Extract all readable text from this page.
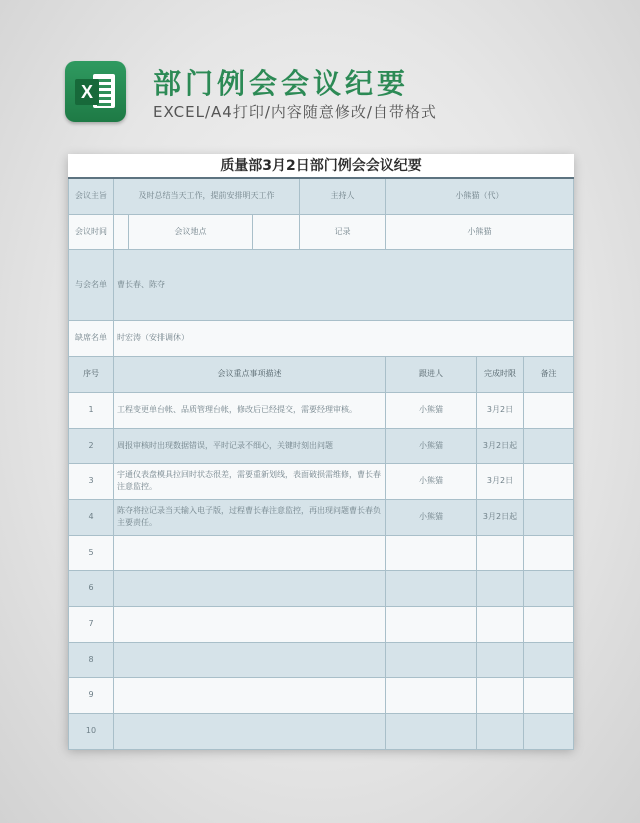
X 部门例会会议纪要
EXCEL/A4打印/内容随意修改/自带格式
质量部3月2日部门例会会议纪要							
会议主旨	及时总结当天工作，提前安排明天工作			主持人	小熊猫（代）		
会议时间		会议地点		记录	小熊猫		
与会名单	曹长春、陈夺						
缺席名单	时宏涛（安排调休）						
序号	会议重点事项描述				跟进人	完成时限	备注
1	工程变更单台帐、品质管理台帐，修改后已经提交，需要经理审核。				小熊猫	3月2日	
2	周报审核时出现数据错误，平时记录不细心，关键时刻出问题				小熊猫	3月2日起	
3	宇通仪表盘模具拉回时状态很差，需要重新划线，表面破损需维修，曹长春注意监控。				小熊猫	3月2日	
4	陈夺将拉记录当天输入电子版，过程曹长春注意监控，再出现问题曹长春负主要责任。				小熊猫	3月2日起	
5							
6							
7							
8							
9							
10							
